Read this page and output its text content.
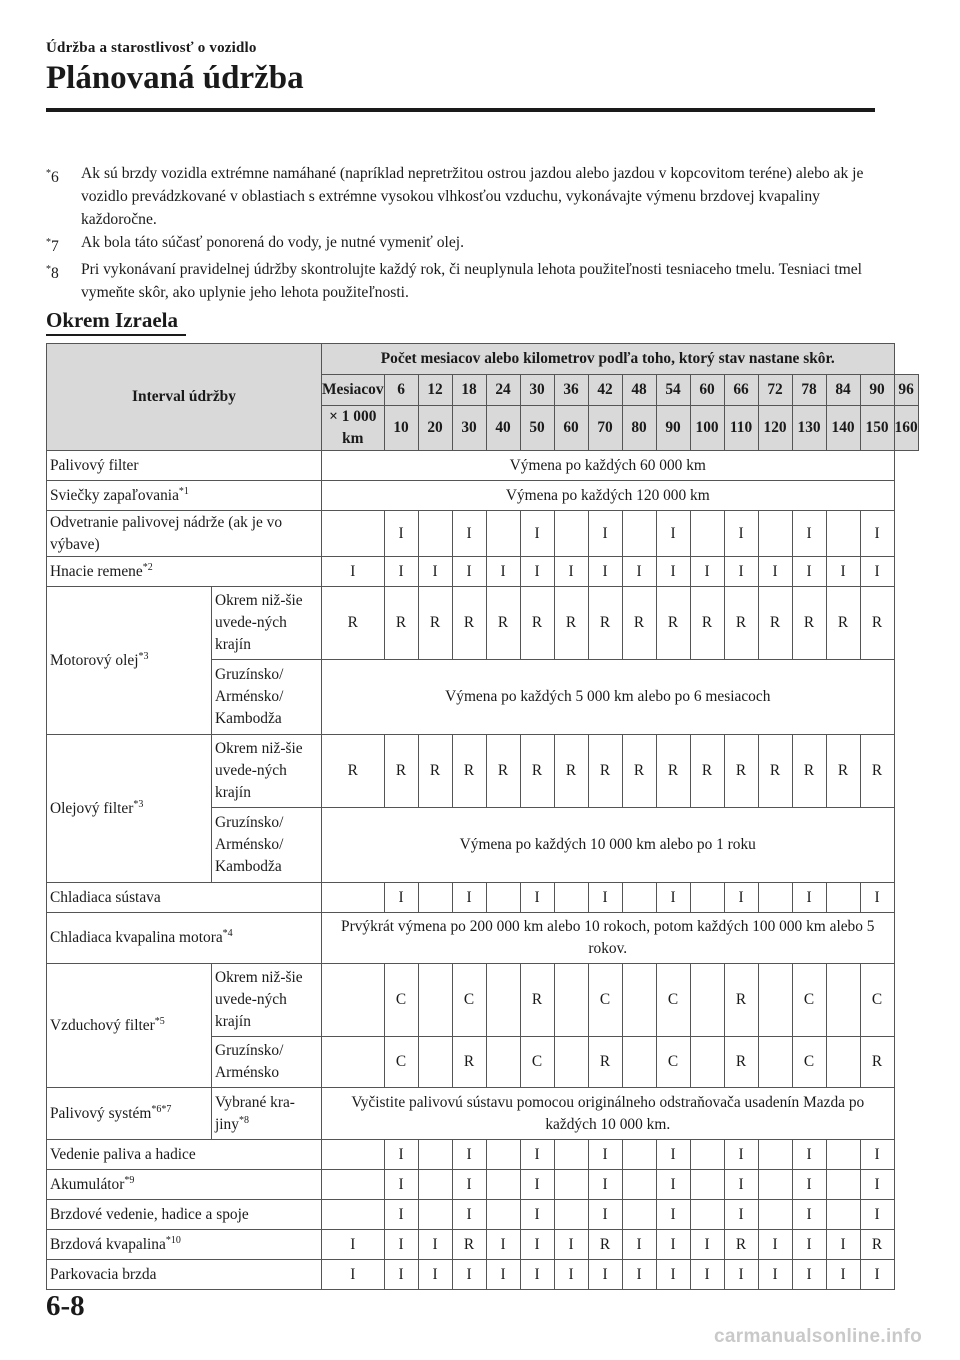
Údržba a starostlivosť o vozidlo
Plánovaná údržba
*6	Ak sú brzdy vozidla extrémne namáhané (napríklad nepretržitou ostrou jazdou alebo jazdou v kopcovitom teréne) alebo ak je vozidlo prevádzkované v oblastiach s extrémne vysokou vlhkosťou vzduchu, vykonávajte výmenu brzdovej kvapaliny každoročne.
*7	Ak bola táto súčasť ponorená do vody, je nutné vymeniť olej.
*8	Pri vykonávaní pravidelnej údržby skontrolujte každý rok, či neuplynula lehota použiteľnosti tesniaceho tmelu. Tesniaci tmel vymeňte skôr, ako uplynie jeho lehota použiteľnosti.
Okrem Izraela
Interval údržby		Počet mesiacov alebo kilometrov podľa toho, ktorý stav nastane skôr.																
		Mesiacov	6	12	18	24	30	36	42	48	54	60	66	72	78	84	90	96
		× 1 000 km	10	20	30	40	50	60	70	80	90	100	110	120	130	140	150	160
Palivový filter		Výmena po každých 60 000 km																
Sviečky zapaľovania$^{*1}$		Výmena po každých 120 000 km																
Odvetranie palivovej nádrže (ak je vo výbave)			I		I		I		I		I		I		I		I	
Hnacie remene$^{*2}$		I	I	I	I	I	I	I	I	I	I	I	I	I	I	I	I	
Motorový olej$^{*3}$	Okrem niž-šie uvede-ných krajín	R	R	R	R	R	R	R	R	R	R	R	R	R	R	R	R	
	Gruzínsko/ Arménsko/ Kambodža	Výmena po každých 5 000 km alebo po 6 mesiacoch																
Olejový filter$^{*3}$	Okrem niž-šie uvede-ných krajín	R	R	R	R	R	R	R	R	R	R	R	R	R	R	R	R	
	Gruzínsko/ Arménsko/ Kambodža	Výmena po každých 10 000 km alebo po 1 roku																
Chladiaca sústava			I		I		I		I		I		I		I		I	
Chladiaca kvapalina motora$^{*4}$		Prvýkrát výmena po 200 000 km alebo 10 rokoch, potom každých 100 000 km alebo 5 rokov.																
Vzduchový filter$^{*5}$	Okrem niž-šie uvede-ných krajín		C		C		R		C		C		R		C		C	
	Gruzínsko/ Arménsko		C		R		C		R		C		R		C		R	
Palivový systém$^{*6*7}$	Vybrané kra-jiny$^{*8}$	Vyčistite palivovú sústavu pomocou originálneho odstraňovača usadenín Mazda po každých 10 000 km.																
Vedenie paliva a hadice			I		I		I		I		I		I		I		I	
Akumulátor$^{*9}$			I		I		I		I		I		I		I		I	
Brzdové vedenie, hadice a spoje			I		I		I		I		I		I		I		I	
Brzdová kvapalina$^{*10}$		I	I	I	R	I	I	I	R	I	I	I	R	I	I	I	R	
Parkovacia brzda		I	I	I	I	I	I	I	I	I	I	I	I	I	I	I	I	
6-8
carmanualsonline.info
